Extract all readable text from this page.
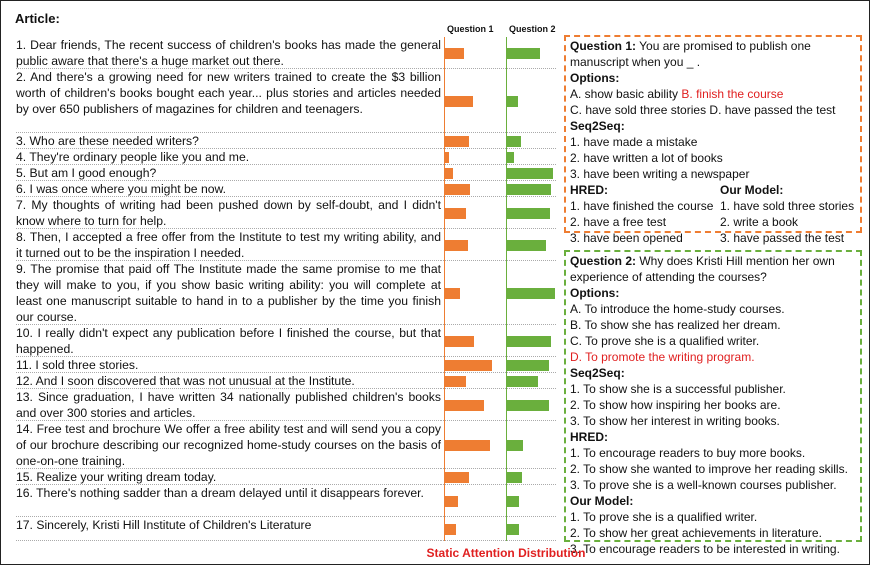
Article:
1. Dear friends, The recent success of children's books has made the general public aware that there's a huge market out there.
2. And there's a growing need for new writers trained to create the $3 billion worth of children's books bought each year... plus stories and articles needed by over 650 publishers of magazines for children and teenagers.
3. Who are these needed writers?
4. They're ordinary people like you and me.
5. But am I good enough?
6. I was once where you might be now.
7. My thoughts of writing had been pushed down by self-doubt, and I didn't know where to turn for help.
8. Then, I accepted a free offer from the Institute to test my writing ability, and it turned out to be the inspiration I needed.
9. The promise that paid off The Institute made the same promise to me that they will make to you, if you show basic writing ability: you will complete at least one manuscript suitable to hand in to a publisher by the time you finish our course.
10. I really didn't expect any publication before I finished the course, but that happened.
11. I sold three stories.
12. And I soon discovered that was not unusual at the Institute.
13. Since graduation, I have written 34 nationally published children's books and over 300 stories and articles.
14. Free test and brochure We offer a free ability test and will send you a copy of our brochure describing our recognized home-study courses on the basis of one-on-one training.
15. Realize your writing dream today.
16. There's nothing sadder than a dream delayed until it disappears forever.
17. Sincerely, Kristi Hill Institute of Children's Literature
Question 1 Question 2
Question 1: You are promised to publish one
manuscript when you _ .
Options:
A. show basic ability B. finish the course
C. have sold three stories D. have passed the test
Seq2Seq:
1. have made a mistake
2. have written a lot of books
3. have been writing a newspaper
HRED:
1. have finished the course
2. have a free test
3. have been opened
Our Model:
1. have sold three stories
2. write a book
3. have passed the test
Question 2: Why does Kristi Hill mention her own
experience of attending the courses?
Options:
A. To introduce the home-study courses.
B. To show she has realized her dream.
C. To prove she is a qualified writer.
D. To promote the writing program.
Seq2Seq:
1. To show she is a successful publisher.
2. To show how inspiring her books are.
3. To show her interest in writing books.
HRED:
1. To encourage readers to buy more books.
2. To show she wanted to improve her reading skills.
3. To prove she is a well-known courses publisher.
Our Model:
1. To prove she is a qualified writer.
2. To show her great achievements in literature.
3. To encourage readers to be interested in writing.
Static Attention Distribution
